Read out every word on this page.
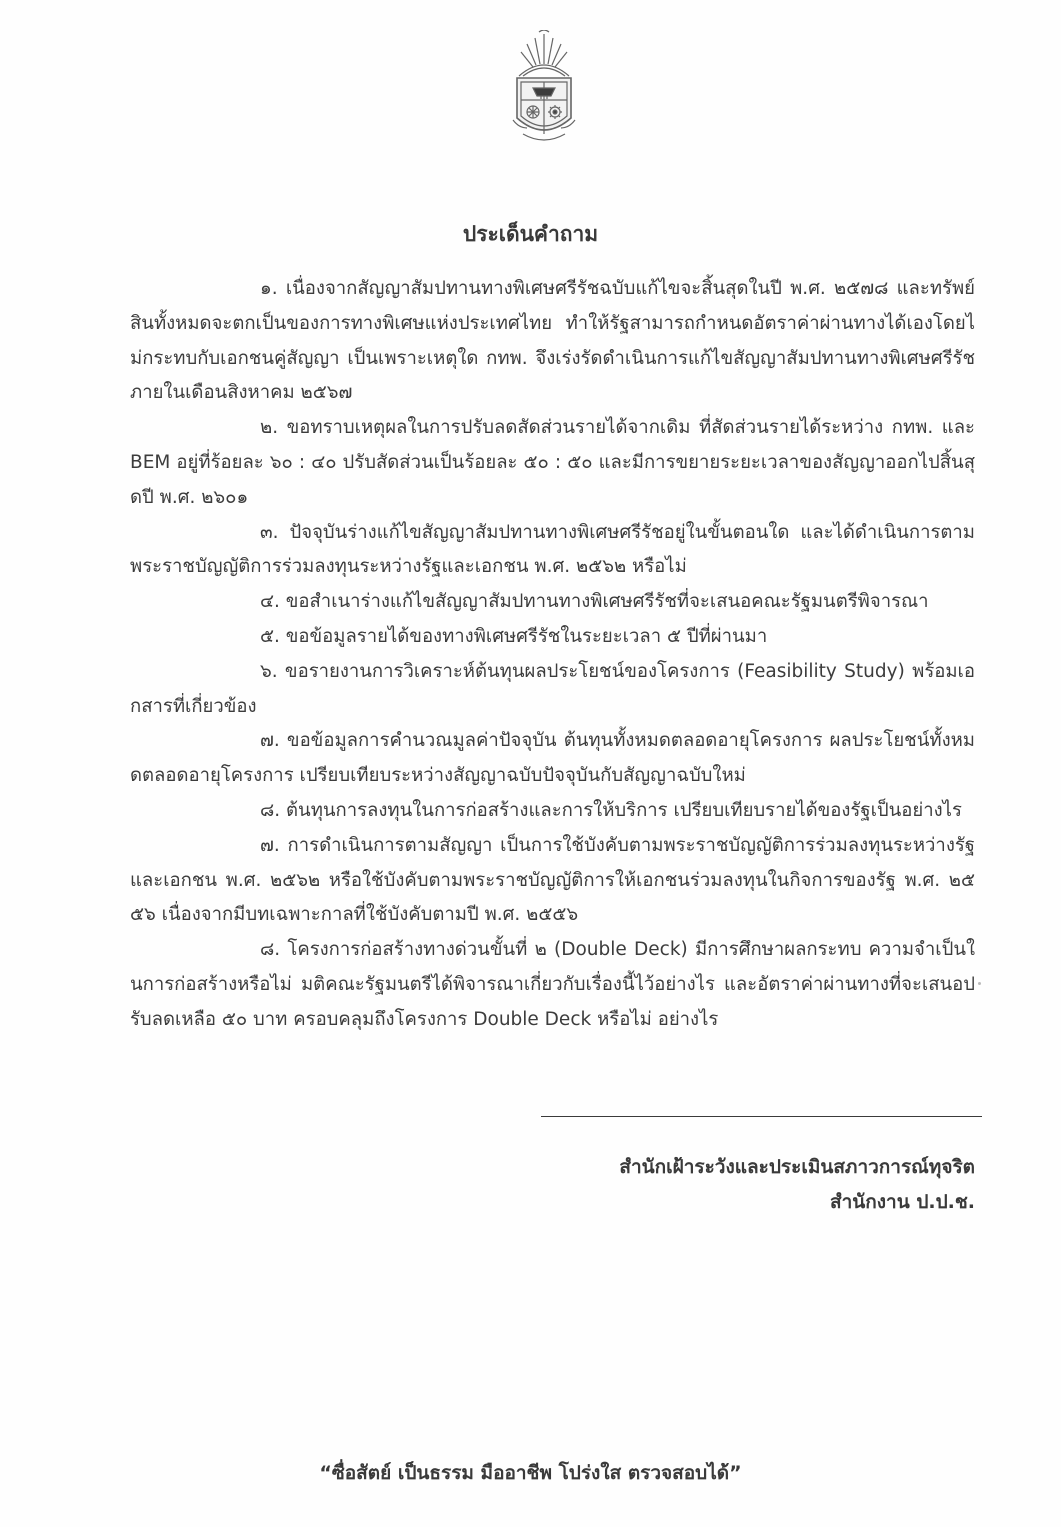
ประเด็นคำถาม

๑. เนื่องจากสัญญาสัมปทานทางพิเศษศรีรัชฉบับแก้ไขจะสิ้นสุดในปี พ.ศ. ๒๕๗๘ และทรัพย์สินทั้งหมดจะตกเป็นของการทางพิเศษแห่งประเทศไทย ทำให้รัฐสามารถกำหนดอัตราค่าผ่านทางได้เองโดยไม่กระทบกับเอกชนคู่สัญญา เป็นเพราะเหตุใด กทพ. จึงเร่งรัดดำเนินการแก้ไขสัญญาสัมปทานทางพิเศษศรีรัช ภายในเดือนสิงหาคม ๒๕๖๗

๒. ขอทราบเหตุผลในการปรับลดสัดส่วนรายได้จากเดิม ที่สัดส่วนรายได้ระหว่าง กทพ. และ BEM อยู่ที่ร้อยละ ๖๐ : ๔๐ ปรับสัดส่วนเป็นร้อยละ ๕๐ : ๕๐ และมีการขยายระยะเวลาของสัญญาออกไปสิ้นสุดปี พ.ศ. ๒๖๐๑

๓. ปัจจุบันร่างแก้ไขสัญญาสัมปทานทางพิเศษศรีรัชอยู่ในขั้นตอนใด และได้ดำเนินการตามพระราชบัญญัติการร่วมลงทุนระหว่างรัฐและเอกชน พ.ศ. ๒๕๖๒ หรือไม่

๔. ขอสำเนาร่างแก้ไขสัญญาสัมปทานทางพิเศษศรีรัชที่จะเสนอคณะรัฐมนตรีพิจารณา

๕. ขอข้อมูลรายได้ของทางพิเศษศรีรัชในระยะเวลา ๕ ปีที่ผ่านมา

๖. ขอรายงานการวิเคราะห์ต้นทุนผลประโยชน์ของโครงการ (Feasibility Study) พร้อมเอกสารที่เกี่ยวข้อง

๗. ขอข้อมูลการคำนวณมูลค่าปัจจุบัน ต้นทุนทั้งหมดตลอดอายุโครงการ ผลประโยชน์ทั้งหมดตลอดอายุโครงการ เปรียบเทียบระหว่างสัญญาฉบับปัจจุบันกับสัญญาฉบับใหม่

๘. ต้นทุนการลงทุนในการก่อสร้างและการให้บริการ เปรียบเทียบรายได้ของรัฐเป็นอย่างไร

๗. การดำเนินการตามสัญญา เป็นการใช้บังคับตามพระราชบัญญัติการร่วมลงทุนระหว่างรัฐและเอกชน พ.ศ. ๒๕๖๒ หรือใช้บังคับตามพระราชบัญญัติการให้เอกชนร่วมลงทุนในกิจการของรัฐ พ.ศ. ๒๕๕๖ เนื่องจากมีบทเฉพาะกาลที่ใช้บังคับตามปี พ.ศ. ๒๕๕๖

๘. โครงการก่อสร้างทางด่วนขั้นที่ ๒ (Double Deck) มีการศึกษาผลกระทบ ความจำเป็นในการก่อสร้างหรือไม่ มติคณะรัฐมนตรีได้พิจารณาเกี่ยวกับเรื่องนี้ไว้อย่างไร และอัตราค่าผ่านทางที่จะเสนอปรับลดเหลือ ๕๐ บาท ครอบคลุมถึงโครงการ Double Deck หรือไม่ อย่างไร

สำนักเฝ้าระวังและประเมินสภาวการณ์ทุจริต
สำนักงาน ป.ป.ช.
“ซื่อสัตย์ เป็นธรรม มืออาชีพ โปร่งใส ตรวจสอบได้”
